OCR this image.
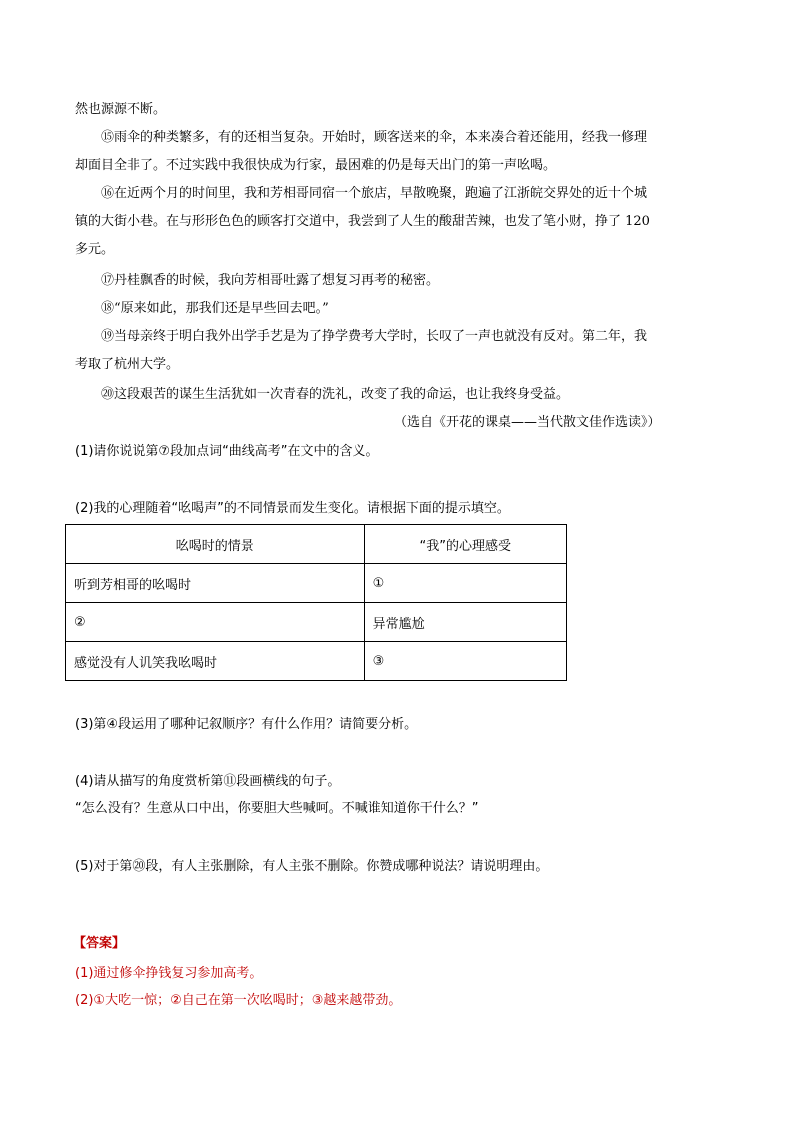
然也源源不断。
⑮雨伞的种类繁多，有的还相当复杂。开始时，顾客送来的伞，本来凑合着还能用，经我一修理
却面目全非了。不过实践中我很快成为行家，最困难的仍是每天出门的第一声吆喝。
⑯在近两个月的时间里，我和芳相哥同宿一个旅店，早散晚聚，跑遍了江浙皖交界处的近十个城
镇的大街小巷。在与形形色色的顾客打交道中，我尝到了人生的酸甜苦辣，也发了笔小财，挣了 120
多元。
⑰丹桂飘香的时候，我向芳相哥吐露了想复习再考的秘密。
⑱“原来如此，那我们还是早些回去吧。”
⑲当母亲终于明白我外出学手艺是为了挣学费考大学时，长叹了一声也就没有反对。第二年，我
考取了杭州大学。
⑳这段艰苦的谋生生活犹如一次青春的洗礼，改变了我的命运，也让我终身受益。
（选自《开花的课桌——当代散文佳作选读》）
(1)请你说说第⑦段加点词“曲线高考”在文中的含义。
(2)我的心理随着“吆喝声”的不同情景而发生变化。请根据下面的提示填空。
吆喝时的情景	“我”的心理感受
听到芳相哥的吆喝时	①
②	异常尴尬
感觉没有人讥笑我吆喝时	③
(3)第④段运用了哪种记叙顺序？有什么作用？请简要分析。
(4)请从描写的角度赏析第⑪段画横线的句子。
“怎么没有？生意从口中出，你要胆大些喊呵。不喊谁知道你干什么？”
(5)对于第⑳段，有人主张删除，有人主张不删除。你赞成哪种说法？请说明理由。
【答案】
(1)通过修伞挣钱复习参加高考。
(2)①大吃一惊；②自己在第一次吆喝时；③越来越带劲。
